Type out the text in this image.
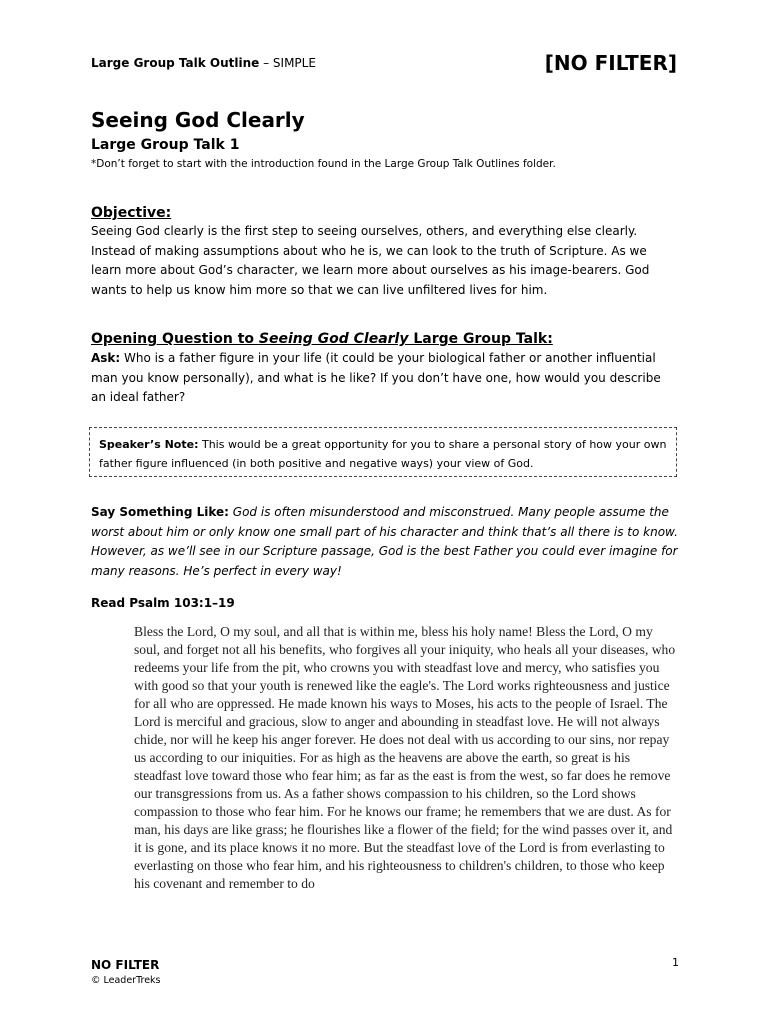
Large Group Talk Outline – SIMPLE	[NO FILTER]
Seeing God Clearly
Large Group Talk 1
*Don’t forget to start with the introduction found in the Large Group Talk Outlines folder.
Objective:
Seeing God clearly is the first step to seeing ourselves, others, and everything else clearly. Instead of making assumptions about who he is, we can look to the truth of Scripture. As we learn more about God’s character, we learn more about ourselves as his image-bearers. God wants to help us know him more so that we can live unfiltered lives for him.
Opening Question to Seeing God Clearly Large Group Talk:
Ask: Who is a father figure in your life (it could be your biological father or another influential man you know personally), and what is he like? If you don’t have one, how would you describe an ideal father?
Speaker’s Note: This would be a great opportunity for you to share a personal story of how your own father figure influenced (in both positive and negative ways) your view of God.
Say Something Like: God is often misunderstood and misconstrued. Many people assume the worst about him or only know one small part of his character and think that’s all there is to know. However, as we’ll see in our Scripture passage, God is the best Father you could ever imagine for many reasons. He’s perfect in every way!
Read Psalm 103:1–19
Bless the Lord, O my soul, and all that is within me, bless his holy name! Bless the Lord, O my soul, and forget not all his benefits, who forgives all your iniquity, who heals all your diseases, who redeems your life from the pit, who crowns you with steadfast love and mercy, who satisfies you with good so that your youth is renewed like the eagle's. The Lord works righteousness and justice for all who are oppressed. He made known his ways to Moses, his acts to the people of Israel. The Lord is merciful and gracious, slow to anger and abounding in steadfast love. He will not always chide, nor will he keep his anger forever. He does not deal with us according to our sins, nor repay us according to our iniquities. For as high as the heavens are above the earth, so great is his steadfast love toward those who fear him; as far as the east is from the west, so far does he remove our transgressions from us. As a father shows compassion to his children, so the Lord shows compassion to those who fear him. For he knows our frame; he remembers that we are dust. As for man, his days are like grass; he flourishes like a flower of the field; for the wind passes over it, and it is gone, and its place knows it no more. But the steadfast love of the Lord is from everlasting to everlasting on those who fear him, and his righteousness to children's children, to those who keep his covenant and remember to do
NO FILTER
© LeaderTreks
1
